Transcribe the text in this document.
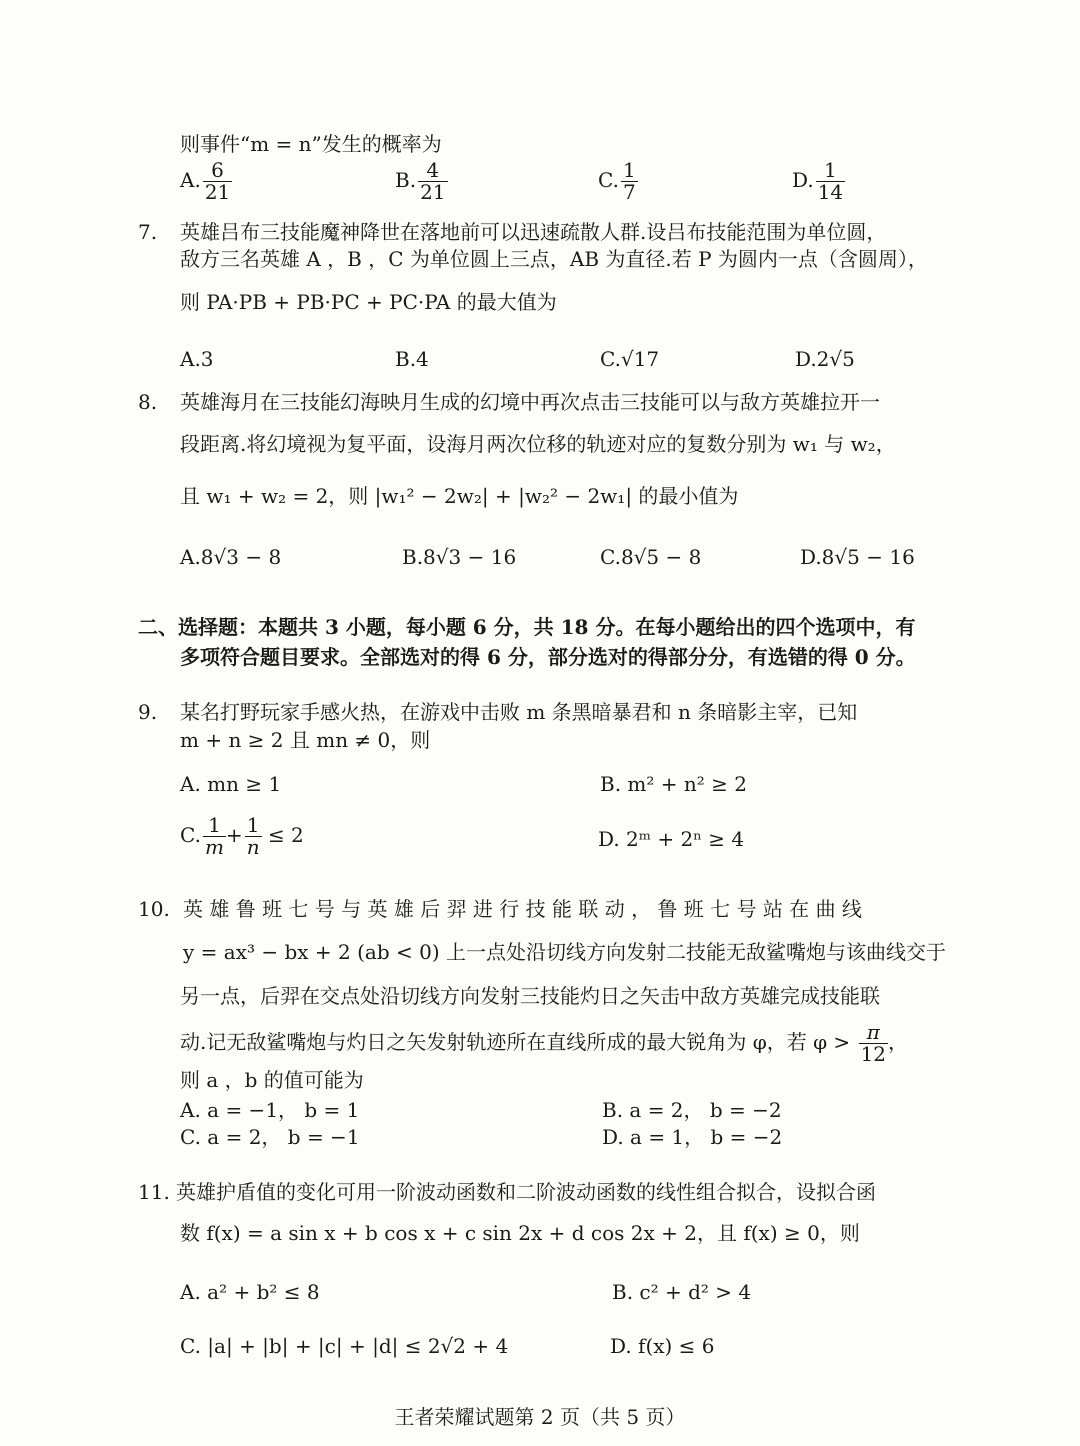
则事件“m = n”发生的概率为
A. $\frac{6}{21}$	B. $\frac{4}{21}$	C. $\frac{1}{7}$	D. $\frac{1}{14}$
7. 英雄吕布三技能魔神降世在落地前可以迅速疏散人群.设吕布技能范围为单位圆，
敌方三名英雄 A ，B ，C 为单位圆上三点，AB 为直径.若 P 为圆内一点（含圆周），
则 PA·PB + PB·PC + PC·PA 的最大值为
A.3	B.4	C.√17	D.2√5
8. 英雄海月在三技能幻海映月生成的幻境中再次点击三技能可以与敌方英雄拉开一
段距离.将幻境视为复平面，设海月两次位移的轨迹对应的复数分别为 w₁ 与 w₂，
且 w₁ + w₂ = 2，则 |w₁² − 2w₂| + |w₂² − 2w₁| 的最小值为
A.8√3 − 8	B.8√3 − 16	C.8√5 − 8	D.8√5 − 16
二、选择题：本题共 3 小题，每小题 6 分，共 18 分。在每小题给出的四个选项中，有
多项符合题目要求。全部选对的得 6 分，部分选对的得部分分，有选错的得 0 分。
9. 某名打野玩家手感火热，在游戏中击败 m 条黑暗暴君和 n 条暗影主宰，已知
m + n ≥ 2 且 mn ≠ 0，则
A. mn ≥ 1	B. m² + n² ≥ 2
C. $\frac{1}{m} + \frac{1}{n} \le 2$	D. 2ᵐ + 2ⁿ ≥ 4
10. 英 雄 鲁 班 七 号 与 英 雄 后 羿 进 行 技 能 联 动 ， 鲁 班 七 号 站 在 曲 线
y = ax³ − bx + 2 (ab < 0) 上一点处沿切线方向发射二技能无敌鲨嘴炮与该曲线交于
另一点，后羿在交点处沿切线方向发射三技能灼日之矢击中敌方英雄完成技能联
动.记无敌鲨嘴炮与灼日之矢发射轨迹所在直线所成的最大锐角为 φ，若 $\varphi > \frac{\pi}{12}$ ，
则 a ，b 的值可能为
A. a = −1， b = 1	B. a = 2， b = −2
C. a = 2， b = −1	D. a = 1， b = −2
11. 英雄护盾值的变化可用一阶波动函数和二阶波动函数的线性组合拟合，设拟合函
数 f(x) = a sin x + b cos x + c sin 2x + d cos 2x + 2，且 f(x) ≥ 0，则
A. a² + b² ≤ 8	B. c² + d² > 4
C. |a| + |b| + |c| + |d| ≤ 2√2 + 4	D. f(x) ≤ 6
王者荣耀试题第 2 页（共 5 页）
